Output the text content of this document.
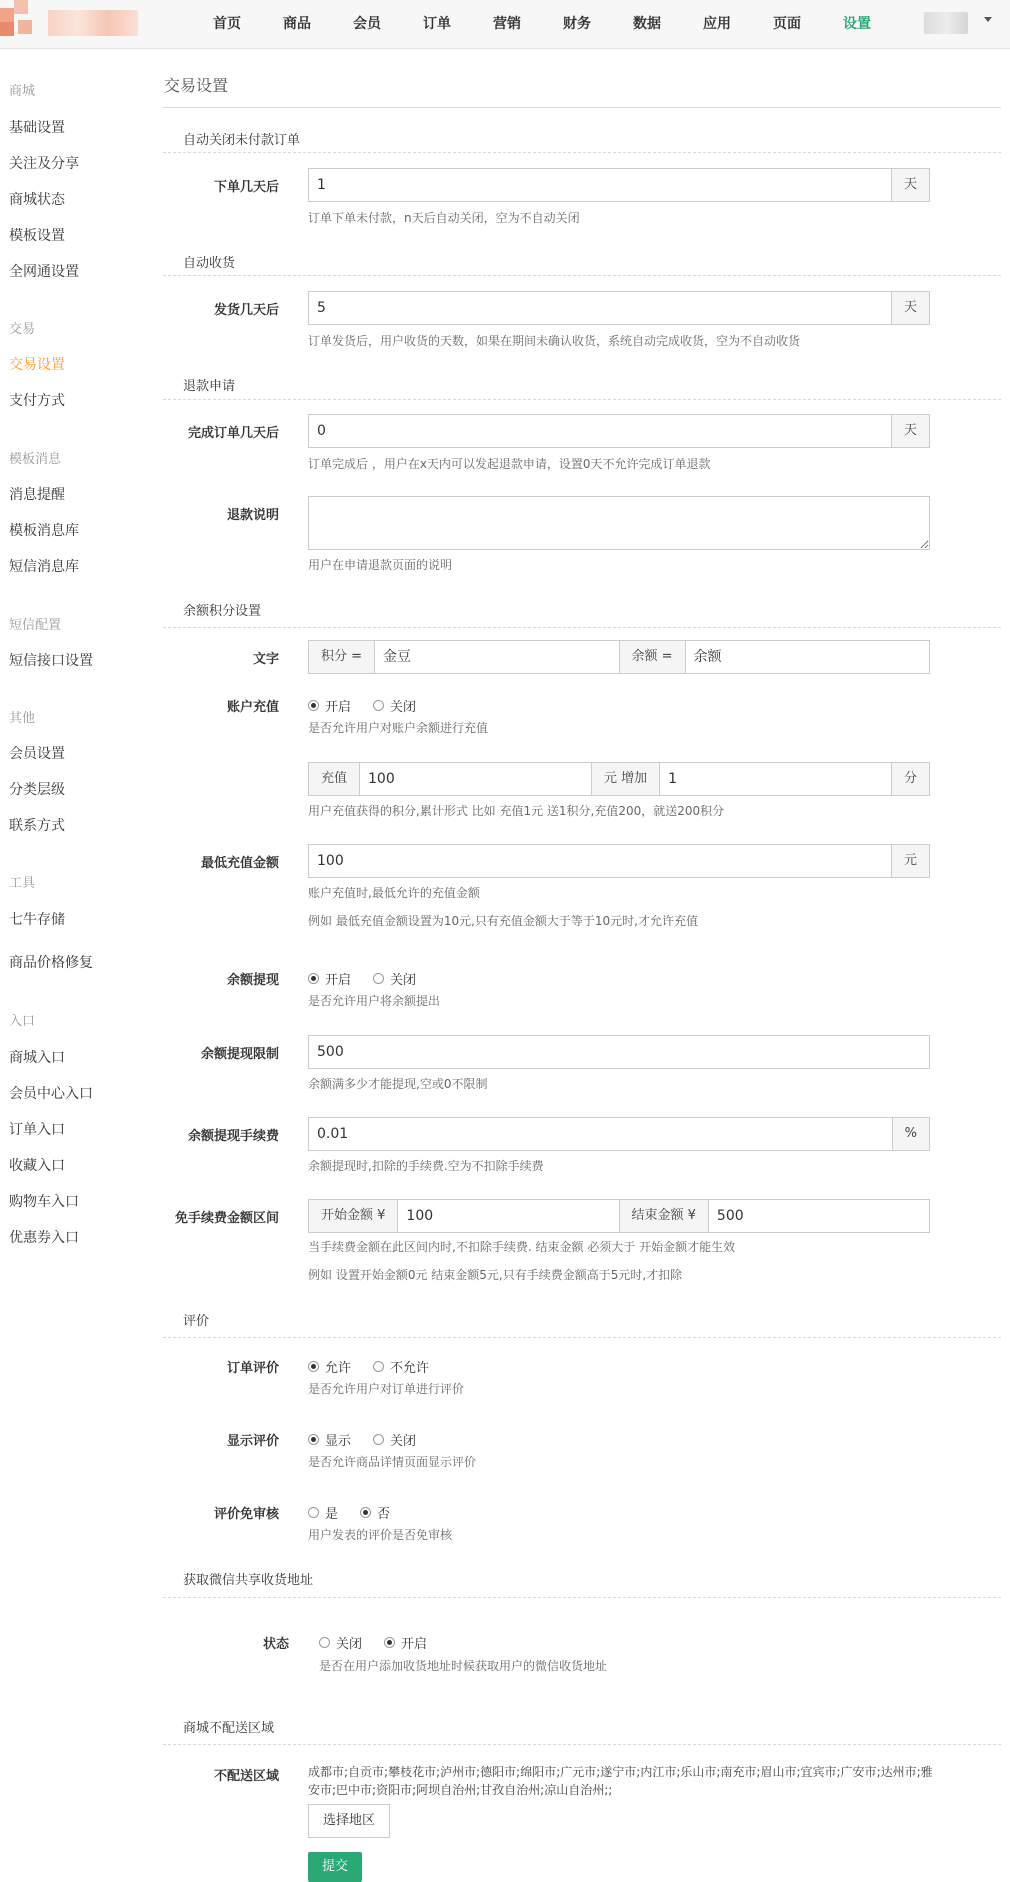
首页	商品	会员	订单	营销	财务	数据	应用	页面	设置
商城
基础设置
关注及分享
商城状态
模板设置
全网通设置
交易
交易设置
支付方式
模板消息
消息提醒
模板消息库
短信消息库
短信配置
短信接口设置
其他
会员设置
分类层级
联系方式
工具
七牛存储
商品价格修复
入口
商城入口
会员中心入口
订单入口
收藏入口
购物车入口
优惠券入口
交易设置
自动关闭未付款订单
下单几天后	1	天
订单下单未付款，n天后自动关闭，空为不自动关闭
自动收货
发货几天后	5	天
订单发货后，用户收货的天数，如果在期间未确认收货，系统自动完成收货，空为不自动收货
退款申请
完成订单几天后	0	天
订单完成后 ，用户在x天内可以发起退款申请，设置0天不允许完成订单退款
退款说明
用户在申请退款页面的说明
余额积分设置
文字	积分 =	金豆	余额 =	余额
账户充值	开启	关闭
是否允许用户对账户余额进行充值
充值	100	元 增加	1	分
用户充值获得的积分,累计形式 比如 充值1元 送1积分,充值200，就送200积分
最低充值金额	100	元
账户充值时,最低允许的充值金额
例如 最低充值金额设置为10元,只有充值金额大于等于10元时,才允许充值
余额提现	开启	关闭
是否允许用户将余额提出
余额提现限制	500
余额满多少才能提现,空或0不限制
余额提现手续费	0.01	%
余额提现时,扣除的手续费.空为不扣除手续费
免手续费金额区间	开始金额 ¥	100	结束金额 ¥	500
当手续费金额在此区间内时,不扣除手续费. 结束金额 必须大于 开始金额才能生效
例如 设置开始金额0元 结束金额5元,只有手续费金额高于5元时,才扣除
评价
订单评价	允许	不允许
是否允许用户对订单进行评价
显示评价	显示	关闭
是否允许商品详情页面显示评价
评价免审核	是	否
用户发表的评价是否免审核
获取微信共享收货地址
状态	关闭	开启
是否在用户添加收货地址时候获取用户的微信收货地址
商城不配送区域
不配送区域 成都市;自贡市;攀枝花市;泸州市;德阳市;绵阳市;广元市;遂宁市;内江市;乐山市;南充市;眉山市;宜宾市;广安市;达州市;雅安市;巴中市;资阳市;阿坝自治州;甘孜自治州;凉山自治州;;
选择地区
提交
